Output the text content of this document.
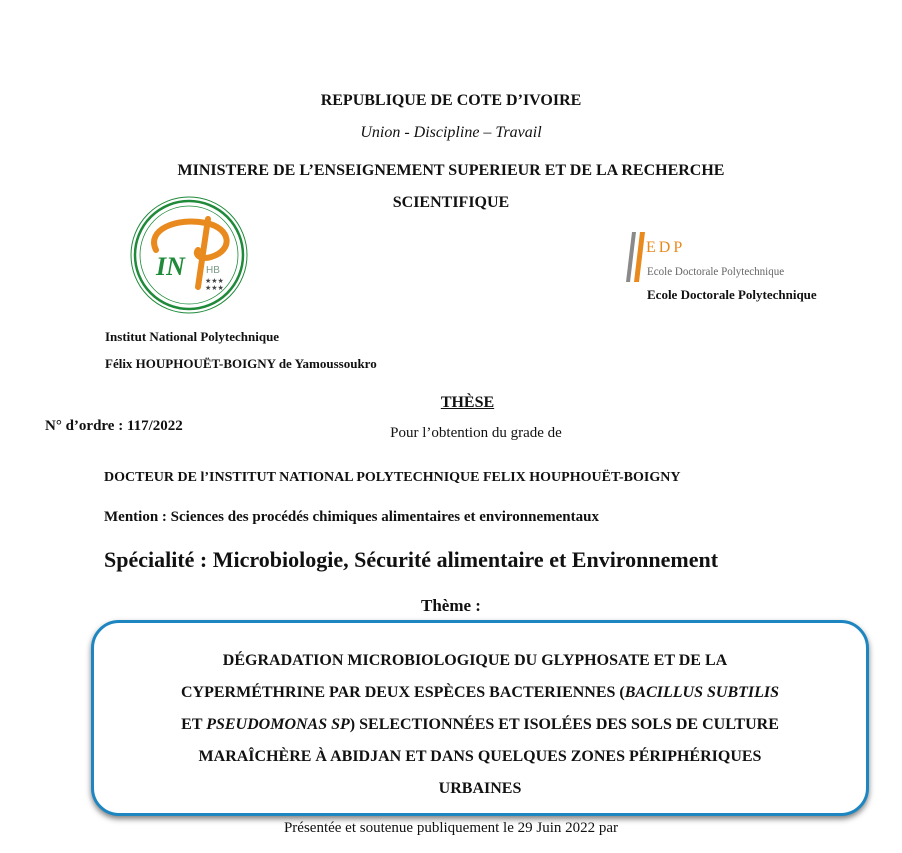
REPUBLIQUE DE COTE D’IVOIRE
Union - Discipline – Travail
MINISTERE DE L’ENSEIGNEMENT SUPERIEUR ET DE LA RECHERCHE
SCIENTIFIQUE
IN HB
★★★
★★★
EDP
Ecole Doctorale Polytechnique
Ecole Doctorale Polytechnique
Institut National Polytechnique
Félix HOUPHOUËT-BOIGNY de Yamoussoukro
THÈSE
N° d’ordre : 117/2022	Pour l’obtention du grade de
DOCTEUR DE l’INSTITUT NATIONAL POLYTECHNIQUE FELIX HOUPHOUËT-BOIGNY
Mention : Sciences des procédés chimiques alimentaires et environnementaux
Spécialité : Microbiologie, Sécurité alimentaire et Environnement
Thème :
DÉGRADATION MICROBIOLOGIQUE DU GLYPHOSATE ET DE LA
CYPERMÉTHRINE PAR DEUX ESPÈCES BACTERIENNES (BACILLUS SUBTILIS
ET PSEUDOMONAS SP) SELECTIONNÉES ET ISOLÉES DES SOLS DE CULTURE
MARAÎCHÈRE À ABIDJAN ET DANS QUELQUES ZONES PÉRIPHÉRIQUES
URBAINES
Présentée et soutenue publiquement le 29 Juin 2022 par
